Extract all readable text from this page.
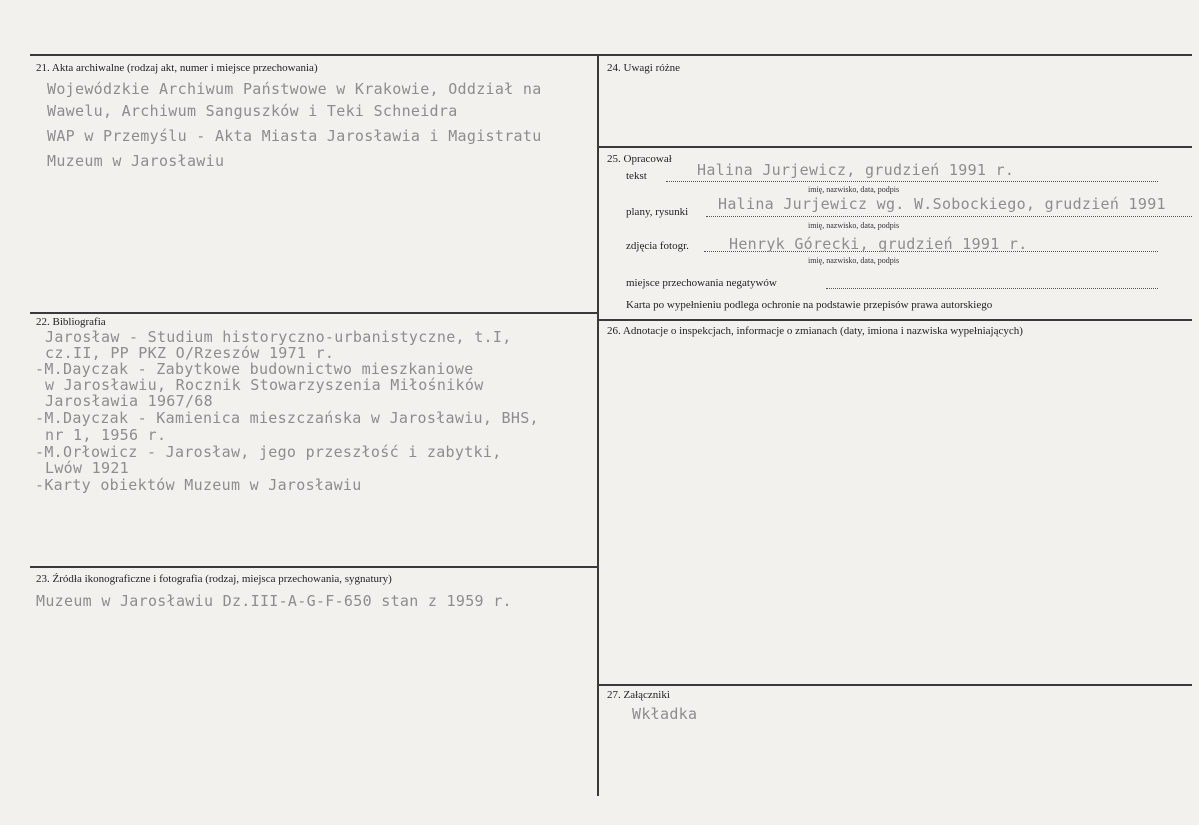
21. Akta archiwalne (rodzaj akt, numer i miejsce przechowania)
Wojewódzkie Archiwum Państwowe w Krakowie, Oddział na
Wawelu, Archiwum Sanguszków i Teki Schneidra
WAP w Przemyślu - Akta Miasta Jarosławia i Magistratu
Muzeum w Jarosławiu
22. Bibliografia
Jarosław - Studium historyczno-urbanistyczne, t.I,
cz.II, PP PKZ O/Rzeszów 1971 r.
-M.Dayczak - Zabytkowe budownictwo mieszkaniowe
w Jarosławiu, Rocznik Stowarzyszenia Miłośników
Jarosławia 1967/68
-M.Dayczak - Kamienica mieszczańska w Jarosławiu, BHS,
nr 1, 1956 r.
-M.Orłowicz - Jarosław, jego przeszłość i zabytki,
Lwów 1921
-Karty obiektów Muzeum w Jarosławiu
23. Źródła ikonograficzne i fotografia (rodzaj, miejsca przechowania, sygnatury)
Muzeum w Jarosławiu Dz.III-A-G-F-650 stan z 1959 r.
24. Uwagi różne
25. Opracował
tekst	Halina Jurjewicz, grudzień 1991 r.
imię, nazwisko, data, podpis
plany, rysunki Halina Jurjewicz wg. W.Sobockiego, grudzień 1991
imię, nazwisko, data, podpis
zdjęcia fotogr.	Henryk Górecki, grudzień 1991 r.
imię, nazwisko, data, podpis
miejsce przechowania negatywów
Karta po wypełnieniu podlega ochronie na podstawie przepisów prawa autorskiego
26. Adnotacje o inspekcjach, informacje o zmianach (daty, imiona i nazwiska wypełniających)
27. Załączniki
Wkładka
